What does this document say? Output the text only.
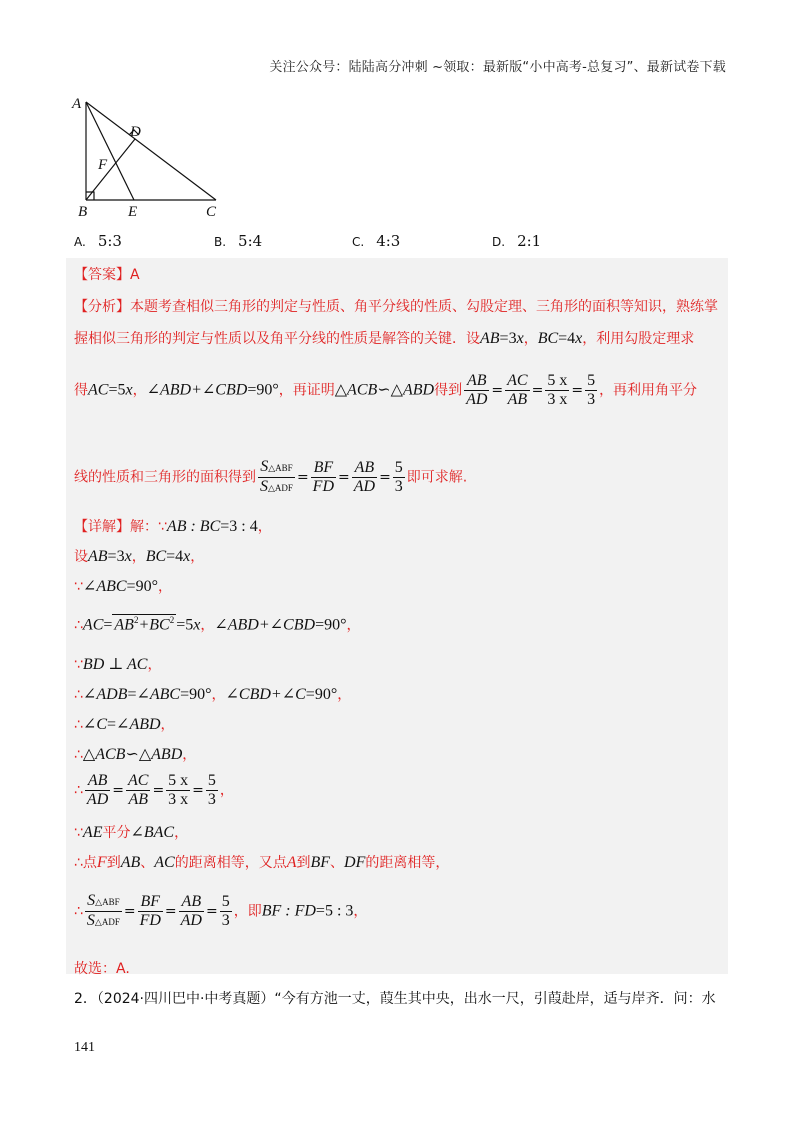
关注公众号：陆陆高分冲刺 ~领取：最新版“小中高考-总复习”、最新试卷下载
A
D
F
B	E	C
A. 5:3	B. 5:4	C. 4:3	D. 2:1
【答案】A
【分析】本题考查相似三角形的判定与性质、角平分线的性质、勾股定理、三角形的面积等知识，熟练掌
握相似三角形的判定与性质以及角平分线的性质是解答的关键．设AB=3x，BC=4x，利用勾股定理求
得AC=5x，∠ABD+∠CBD=90°，再证明△ACB∽△ABD得到 $\frac{AB}{AD} = \frac{AC}{AB} = \frac{5 x}{3 x} = \frac{5}{3}$ ，再利用角平分
线的性质和三角形的面积得到 $\frac{\text{S△ABF}}{\text{S△ADF}} = \frac{BF}{FD} = \frac{AB}{AD} = \frac{5}{3}$ 即可求解.
【详解】解：∵AB : BC=3 : 4，
设AB=3x，BC=4x，
∵∠ABC=90°，
∴AC= $AB^2+BC^2 =5x$，∠ABD+∠CBD=90°，
∵BD ⊥ AC，
∴∠ADB=∠ABC=90°，∠CBD+∠C=90°，
∴∠C=∠ABD，
∴△ACB∽△ABD，
∴ $\frac{AB}{AD} = \frac{AC}{AB} = \frac{5 x}{3 x} = \frac{5}{3}$ ，
∵AE平分∠BAC，
∴点F到AB、AC的距离相等，又点A到BF、DF的距离相等，
∴ $\frac{\text{S△ABF}}{\text{S△ADF}} = \frac{BF}{FD} = \frac{AB}{AD} = \frac{5}{3}$ ，即BF : FD=5 : 3，
故选：A.
2．（2024·四川巴中·中考真题）“今有方池一丈，葭生其中央，出水一尺，引葭赴岸，适与岸齐．问：水
141
